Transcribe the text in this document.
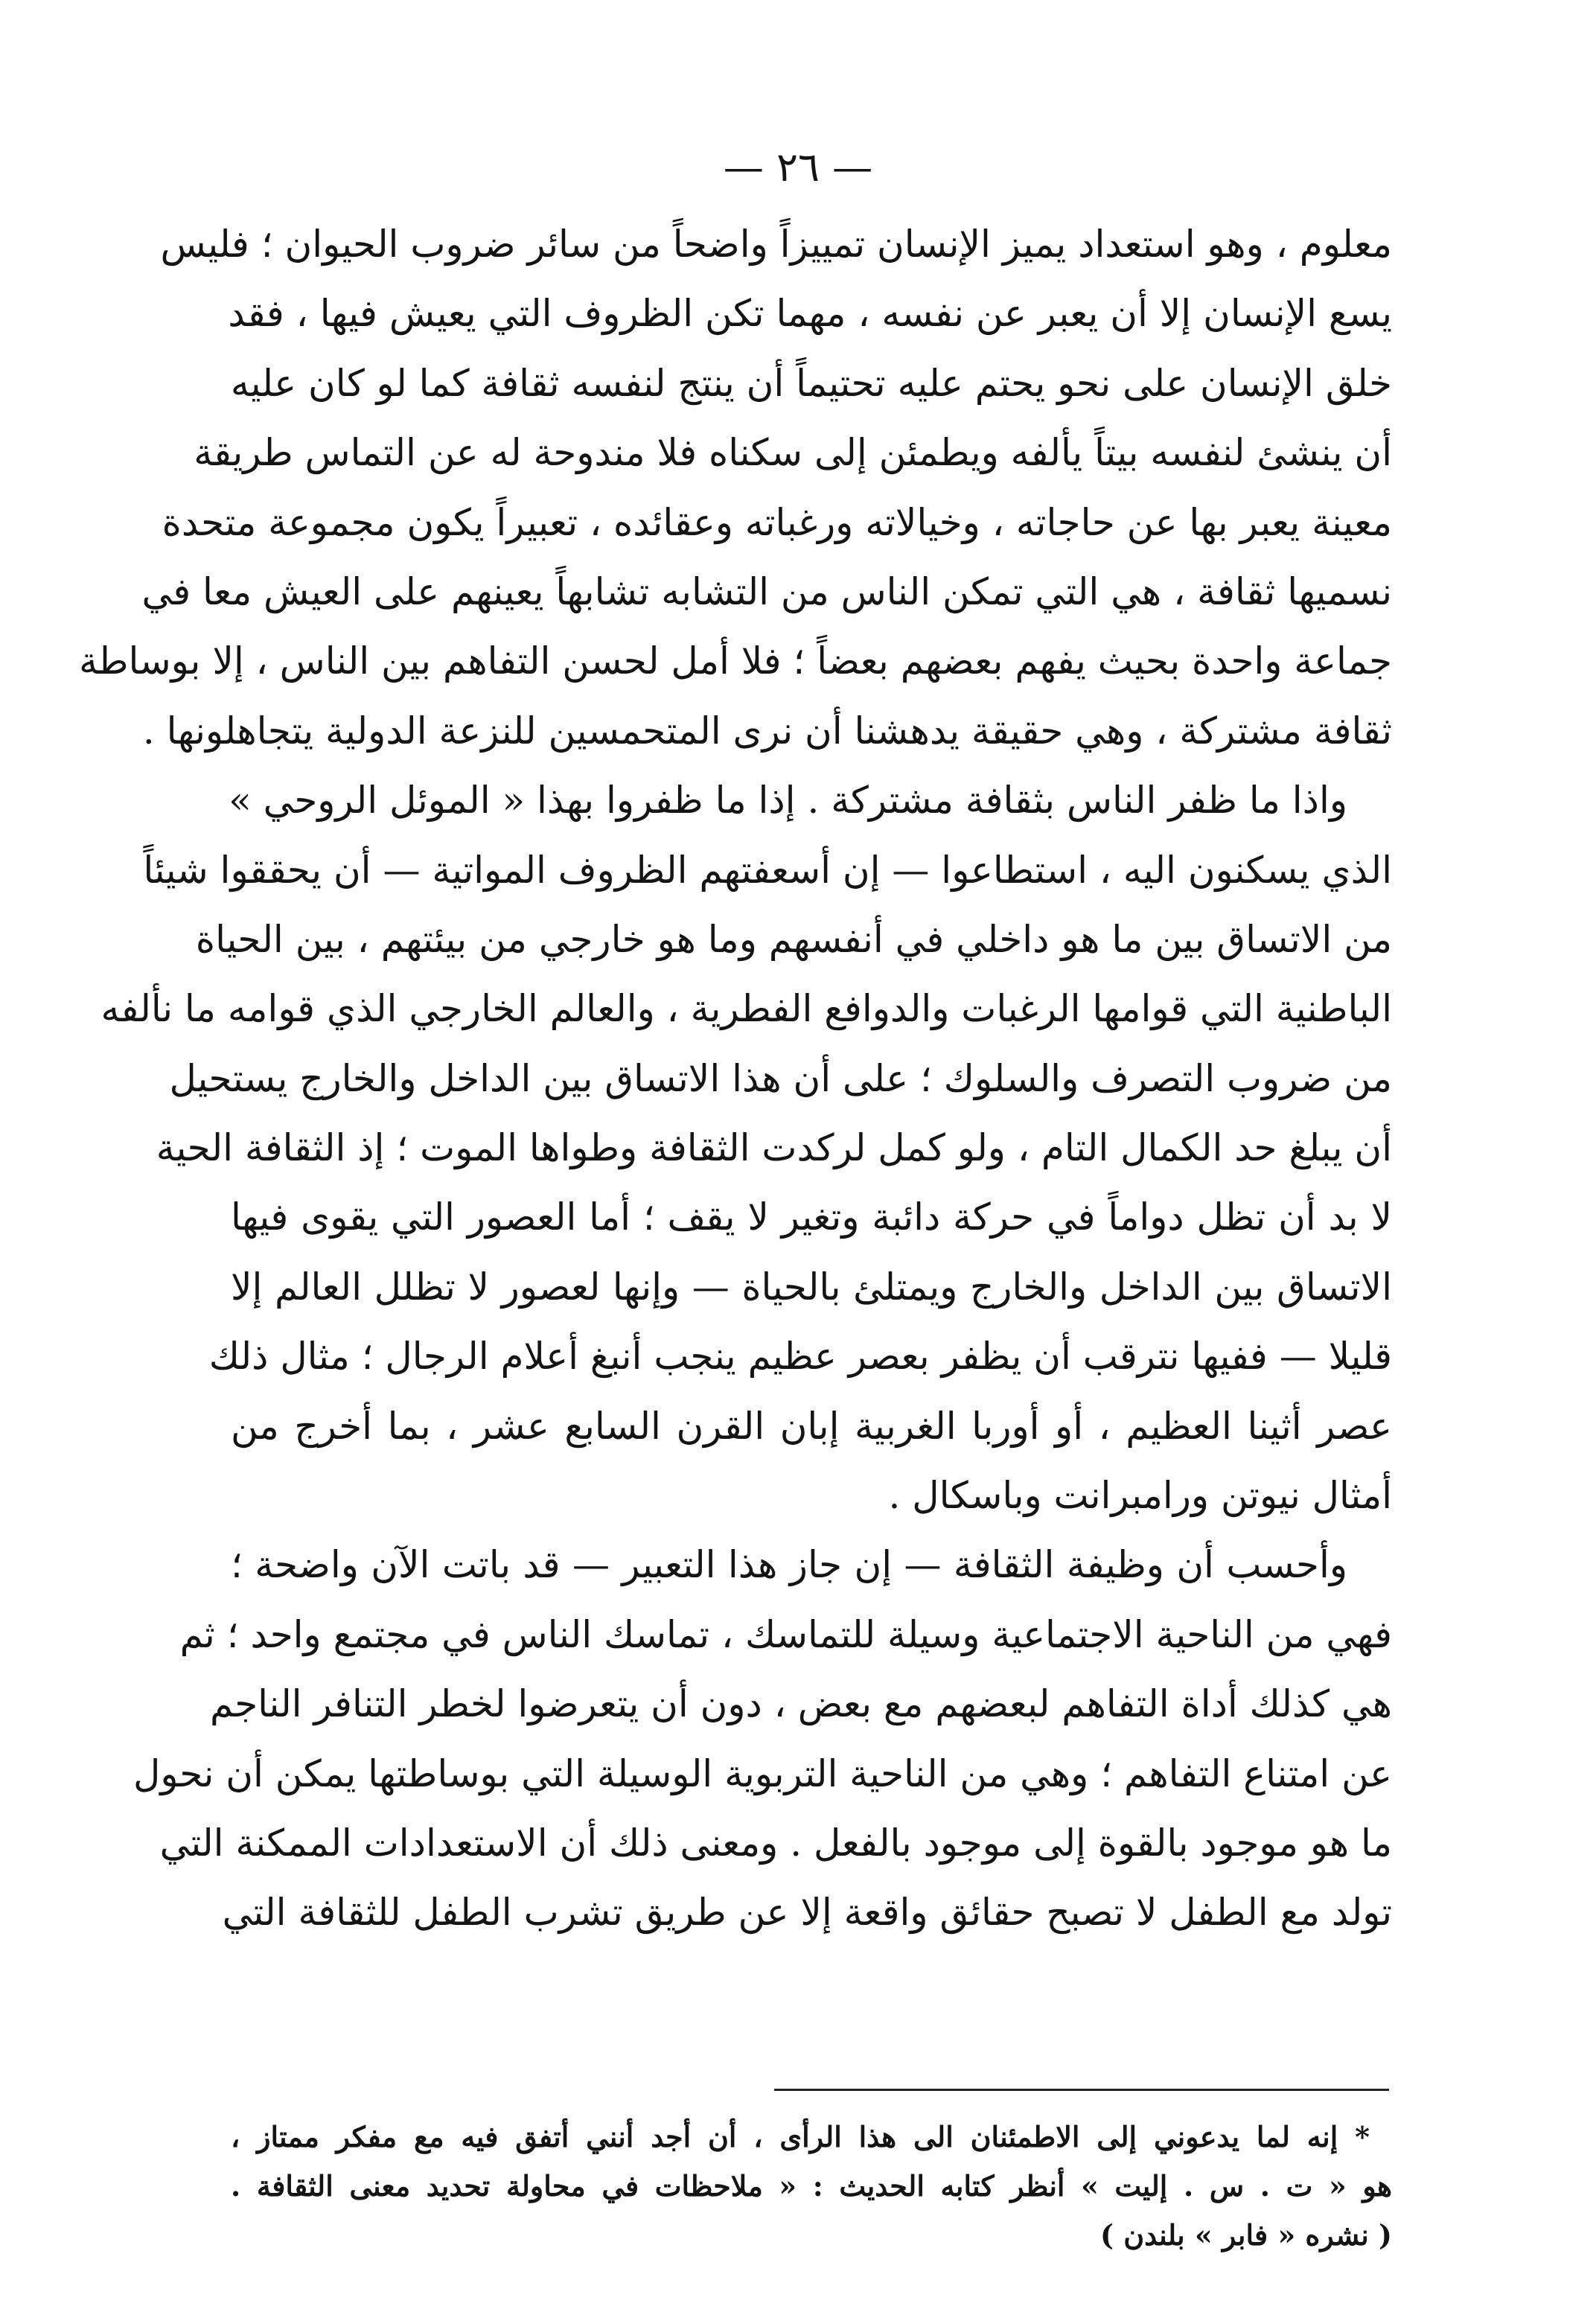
— ٢٦ —
معلوم ، وهو استعداد يميز الإنسان تمييزاً واضحاً من سائر ضروب الحيوان ؛ فليس
يسع الإنسان إلا أن يعبر عن نفسه ، مهما تكن الظروف التي يعيش فيها ، فقد
خلق الإنسان على نحو يحتم عليه تحتيماً أن ينتج لنفسه ثقافة كما لو كان عليه
أن ينشئ لنفسه بيتاً يألفه ويطمئن إلى سكناه فلا مندوحة له عن التماس طريقة
معينة يعبر بها عن حاجاته ، وخيالاته ورغباته وعقائده ، تعبيراً يكون مجموعة متحدة
نسميها ثقافة ، هي التي تمكن الناس من التشابه تشابهاً يعينهم على العيش معا في
جماعة واحدة بحيث يفهم بعضهم بعضاً ؛ فلا أمل لحسن التفاهم بين الناس ، إلا بوساطة
ثقافة مشتركة ، وهي حقيقة يدهشنا أن نرى المتحمسين للنزعة الدولية يتجاهلونها .
واذا ما ظفر الناس بثقافة مشتركة . إذا ما ظفروا بهذا « الموئل الروحي »
الذي يسكنون اليه ، استطاعوا — إن أسعفتهم الظروف المواتية — أن يحققوا شيئاً
من الاتساق بين ما هو داخلي في أنفسهم وما هو خارجي من بيئتهم ، بين الحياة
الباطنية التي قوامها الرغبات والدوافع الفطرية ، والعالم الخارجي الذي قوامه ما نألفه
من ضروب التصرف والسلوك ؛ على أن هذا الاتساق بين الداخل والخارج يستحيل
أن يبلغ حد الكمال التام ، ولو كمل لركدت الثقافة وطواها الموت ؛ إذ الثقافة الحية
لا بد أن تظل دواماً في حركة دائبة وتغير لا يقف ؛ أما العصور التي يقوى فيها
الاتساق بين الداخل والخارج ويمتلئ بالحياة — وإنها لعصور لا تظلل العالم إلا
قليلا — ففيها نترقب أن يظفر بعصر عظيم ينجب أنبغ أعلام الرجال ؛ مثال ذلك
عصر أثينا العظيم ، أو أوربا الغربية إبان القرن السابع عشر ، بما أخرج من
أمثال نيوتن ورامبرانت وباسكال .
وأحسب أن وظيفة الثقافة — إن جاز هذا التعبير — قد باتت الآن واضحة ؛
فهي من الناحية الاجتماعية وسيلة للتماسك ، تماسك الناس في مجتمع واحد ؛ ثم
هي كذلك أداة التفاهم لبعضهم مع بعض ، دون أن يتعرضوا لخطر التنافر الناجم
عن امتناع التفاهم ؛ وهي من الناحية التربوية الوسيلة التي بوساطتها يمكن أن نحول
ما هو موجود بالقوة إلى موجود بالفعل . ومعنى ذلك أن الاستعدادات الممكنة التي
تولد مع الطفل لا تصبح حقائق واقعة إلا عن طريق تشرب الطفل للثقافة التي
* إنه لما يدعوني إلى الاطمئنان الى هذا الرأى ، أن أجد أنني أتفق فيه مع مفكر ممتاز ،
هو « ت . س . إليت » أنظر كتابه الحديث : « ملاحظات في محاولة تحديد معنى الثقافة .
( نشره « فابر » بلندن )
